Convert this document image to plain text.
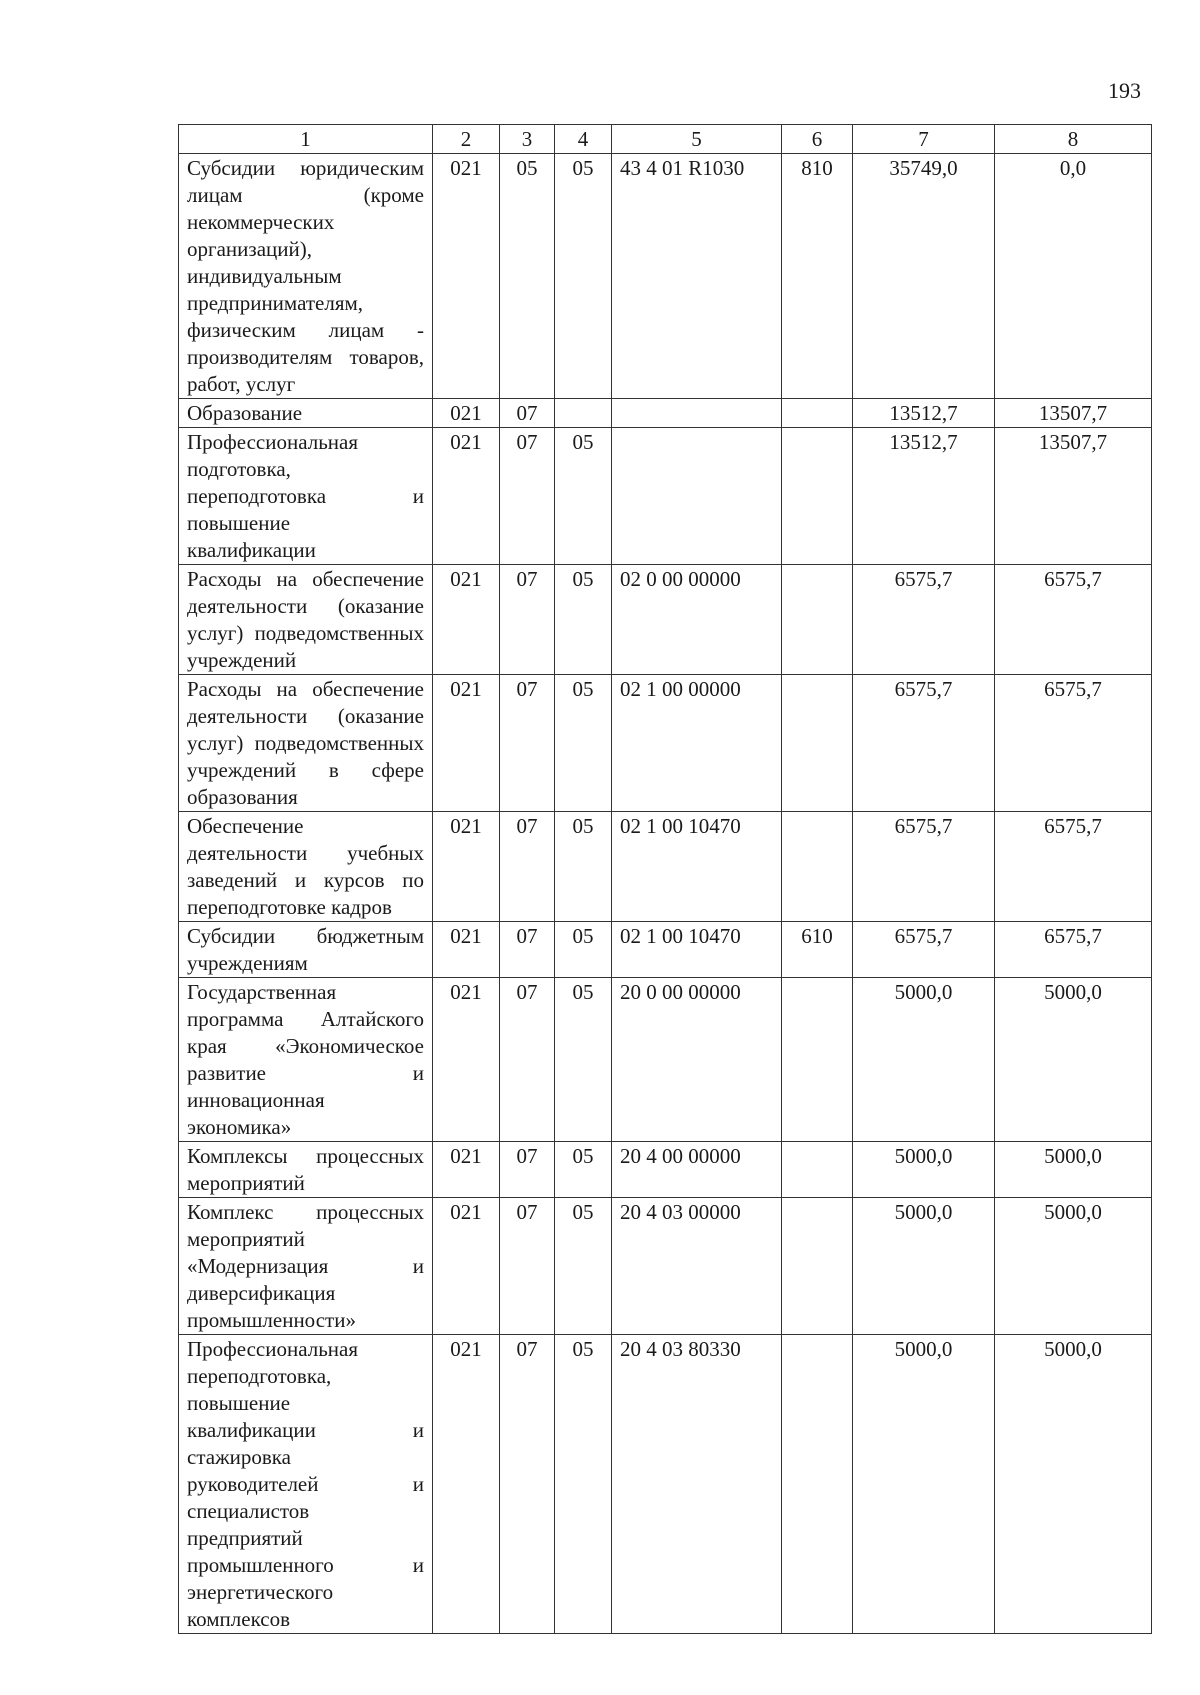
193
1	2	3	4	5	6	7	8
Субсидии юридическим лицам (кроме некоммерческих организаций), индивидуальным предпринимателям, физическим лицам - производителям товаров, работ, услуг	021	05	05	43 4 01 R1030	810	35749,0	0,0
Образование	021	07				13512,7	13507,7
Профессиональная подготовка, переподготовка и повышение квалификации	021	07	05			13512,7	13507,7
Расходы на обеспечение деятельности (оказание услуг) подведомственных учреждений	021	07	05	02 0 00 00000		6575,7	6575,7
Расходы на обеспечение деятельности (оказание услуг) подведомственных учреждений в сфере образования	021	07	05	02 1 00 00000		6575,7	6575,7
Обеспечение деятельности учебных заведений и курсов по переподготовке кадров	021	07	05	02 1 00 10470		6575,7	6575,7
Субсидии бюджетным учреждениям	021	07	05	02 1 00 10470	610	6575,7	6575,7
Государственная программа Алтайского края «Экономическое развитие и инновационная экономика»	021	07	05	20 0 00 00000		5000,0	5000,0
Комплексы процессных мероприятий	021	07	05	20 4 00 00000		5000,0	5000,0
Комплекс процессных мероприятий «Модернизация и диверсификация промышленности»	021	07	05	20 4 03 00000		5000,0	5000,0
Профессиональная переподготовка, повышение квалификации и стажировка руководителей и специалистов предприятий промышленного и энергетического комплексов	021	07	05	20 4 03 80330		5000,0	5000,0
